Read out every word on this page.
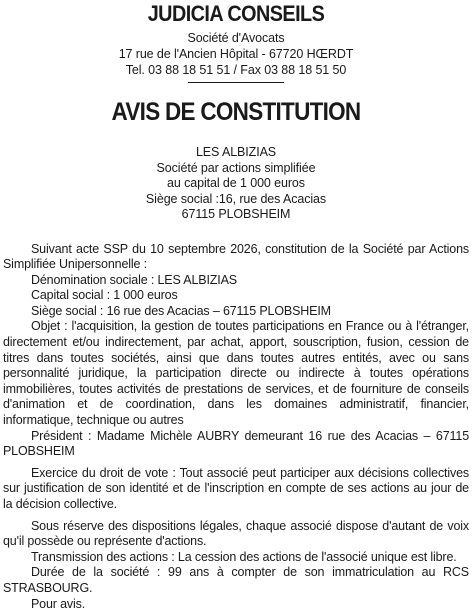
JUDICIA CONSEILS
Société d'Avocats
17 rue de l'Ancien Hôpital - 67720 HŒRDT
Tel. 03 88 18 51 51 / Fax 03 88 18 51 50
AVIS DE CONSTITUTION
LES ALBIZIAS
Société par actions simplifiée
au capital de 1 000 euros
Siège social :16, rue des Acacias
67115 PLOBSHEIM

Suivant acte SSP du 10 septembre 2026, constitution de la Société par Actions Simplifiée Unipersonnelle :

Dénomination sociale : LES ALBIZIAS

Capital social : 1 000 euros

Siège social : 16 rue des Acacias – 67115 PLOBSHEIM

Objet : l'acquisition, la gestion de toutes participations en France ou à l'étranger, directement et/ou indirectement, par achat, apport, souscription, fusion, cession de titres dans toutes sociétés, ainsi que dans toutes autres entités, avec ou sans personnalité juridique, la participation directe ou indirecte à toutes opérations immobilières, toutes activités de prestations de services, et de fourniture de conseils d'animation et de coordination, dans les domaines administratif, financier, informatique, technique ou autres

Président : Madame Michèle AUBRY demeurant 16 rue des Acacias – 67115 PLOBSHEIM

Exercice du droit de vote : Tout associé peut participer aux décisions collectives sur justification de son identité et de l'inscription en compte de ses actions au jour de la décision collective.

Sous réserve des dispositions légales, chaque associé dispose d'autant de voix qu'il possède ou représente d'actions.

Transmission des actions : La cession des actions de l'associé unique est libre.

Durée de la société : 99 ans à compter de son immatriculation au RCS STRASBOURG.

Pour avis.
